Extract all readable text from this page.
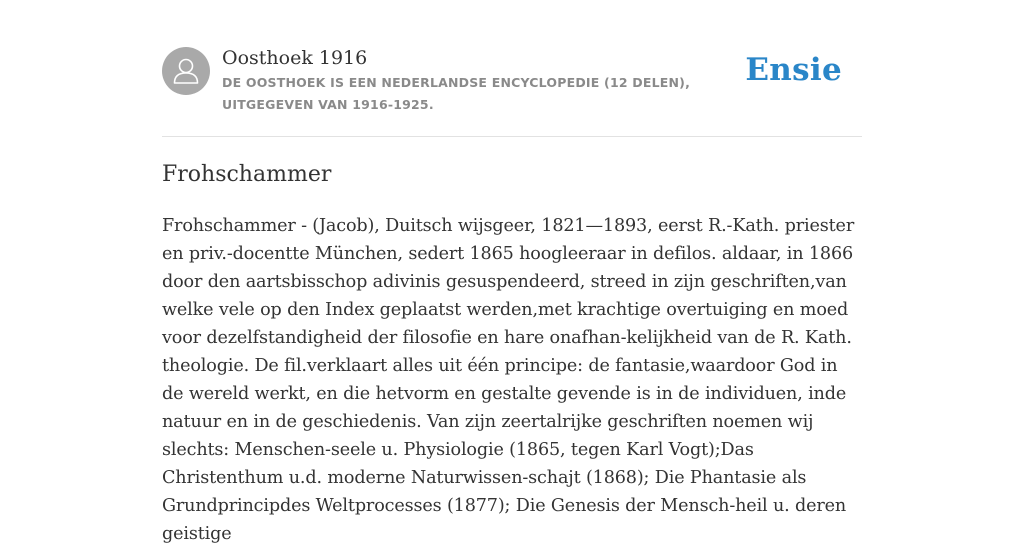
Oosthoek 1916

DE OOSTHOEK IS EEN NEDERLANDSE ENCYCLOPEDIE (12 DELEN), UITGEGEVEN VAN 1916-1925.

Ensie
Frohschammer

Frohschammer - (Jacob), Duitsch wijsgeer, 1821—1893, eerst R.-Kath. priester en priv.-docentte München, sedert 1865 hoogleeraar in defilos. aldaar, in 1866 door den aartsbisschop adivinis gesuspendeerd, streed in zijn geschriften,van welke vele op den Index geplaatst werden,met krachtige overtuiging en moed voor dezelfstandigheid der filosofie en hare onafhan-kelijkheid van de R. Kath. theologie. De fil.verklaart alles uit één principe: de fantasie,waardoor God in de wereld werkt, en die hetvorm en gestalte gevende is in de individuen, inde natuur en in de geschiedenis. Van zijn zeertalrijke geschriften noemen wij slechts: Menschen-seele u. Physiologie (1865, tegen Karl Vogt);Das Christenthum u.d. moderne Naturwissen-schajt (1868); Die Phantasie als Grundprincipdes Weltprocesses (1877); Die Genesis der Mensch-heil u. deren geistige
